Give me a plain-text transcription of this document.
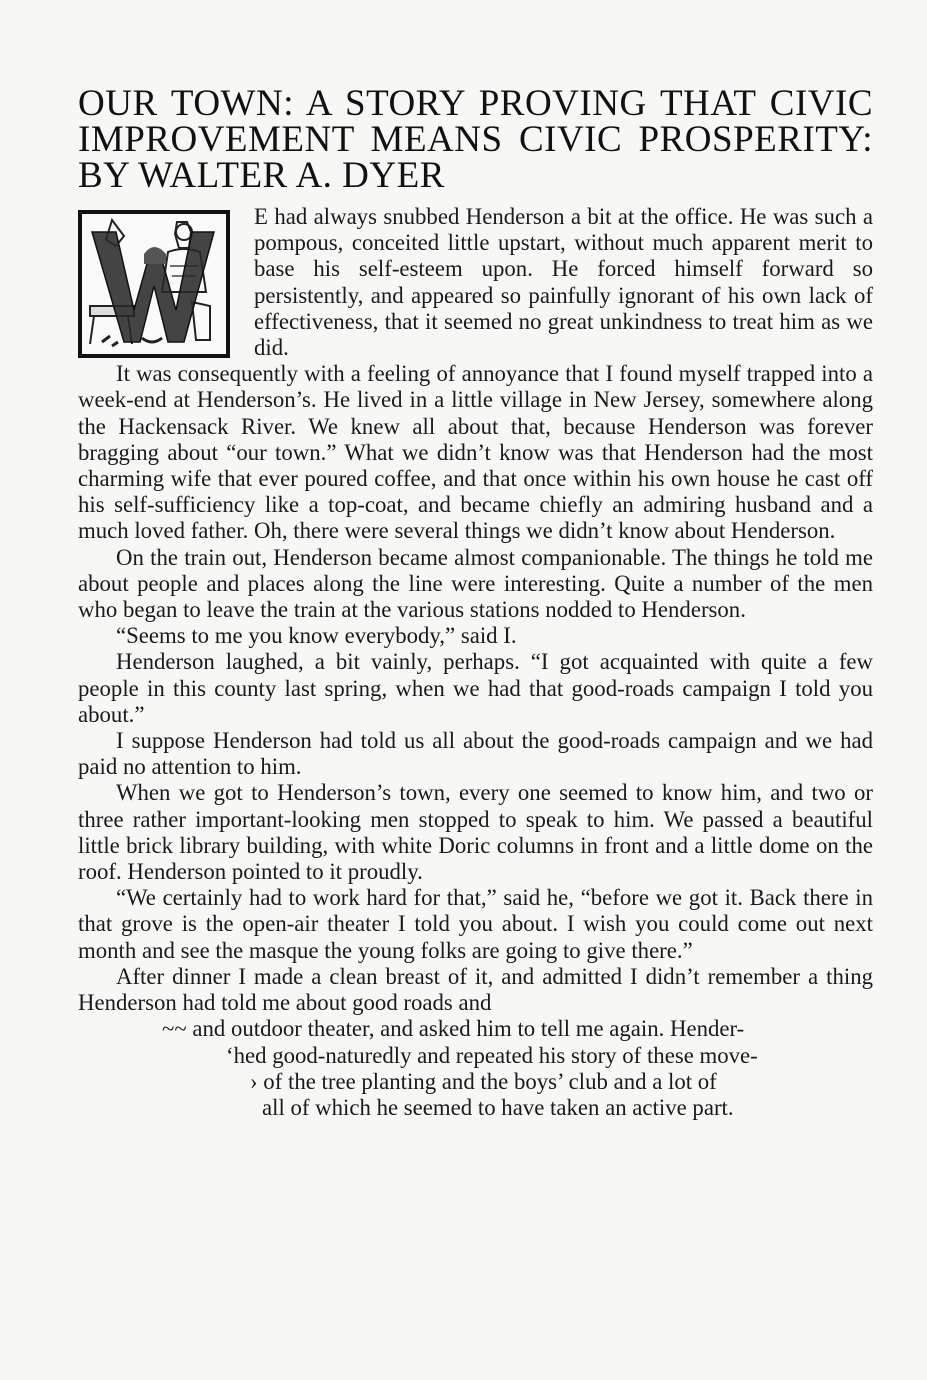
OUR TOWN: A STORY PROVING THAT CIVIC
IMPROVEMENT MEANS CIVIC PROSPERITY:
BY WALTER A. DYER

E had always snubbed Henderson a bit at the office. He was such a pompous, conceited little upstart, without much apparent merit to base his self-esteem upon. He forced himself forward so persistently, and appeared so painfully ignorant of his own lack of effectiveness, that it seemed no great unkindness to treat him as we did.

It was consequently with a feeling of annoyance that I found myself trapped into a week-end at Henderson’s. He lived in a little village in New Jersey, somewhere along the Hackensack River. We knew all about that, because Henderson was forever bragging about “our town.” What we didn’t know was that Henderson had the most charming wife that ever poured coffee, and that once within his own house he cast off his self-sufficiency like a top-coat, and became chiefly an admiring husband and a much loved father. Oh, there were several things we didn’t know about Henderson.

On the train out, Henderson became almost companionable. The things he told me about people and places along the line were interesting. Quite a number of the men who began to leave the train at the various stations nodded to Henderson.

“Seems to me you know everybody,” said I.

Henderson laughed, a bit vainly, perhaps. “I got acquainted with quite a few people in this county last spring, when we had that good-roads campaign I told you about.”

I suppose Henderson had told us all about the good-roads campaign and we had paid no attention to him.

When we got to Henderson’s town, every one seemed to know him, and two or three rather important-looking men stopped to speak to him. We passed a beautiful little brick library building, with white Doric columns in front and a little dome on the roof. Henderson pointed to it proudly.

“We certainly had to work hard for that,” said he, “before we got it. Back there in that grove is the open-air theater I told you about. I wish you could come out next month and see the masque the young folks are going to give there.”

After dinner I made a clean breast of it, and admitted I didn’t remember a thing Henderson had told me about good roads and

~~ and outdoor theater, and asked him to tell me again. Hender-

‘hed good-naturedly and repeated his story of these move-

› of the tree planting and the boys’ club and a lot of

all of which he seemed to have taken an active part.
